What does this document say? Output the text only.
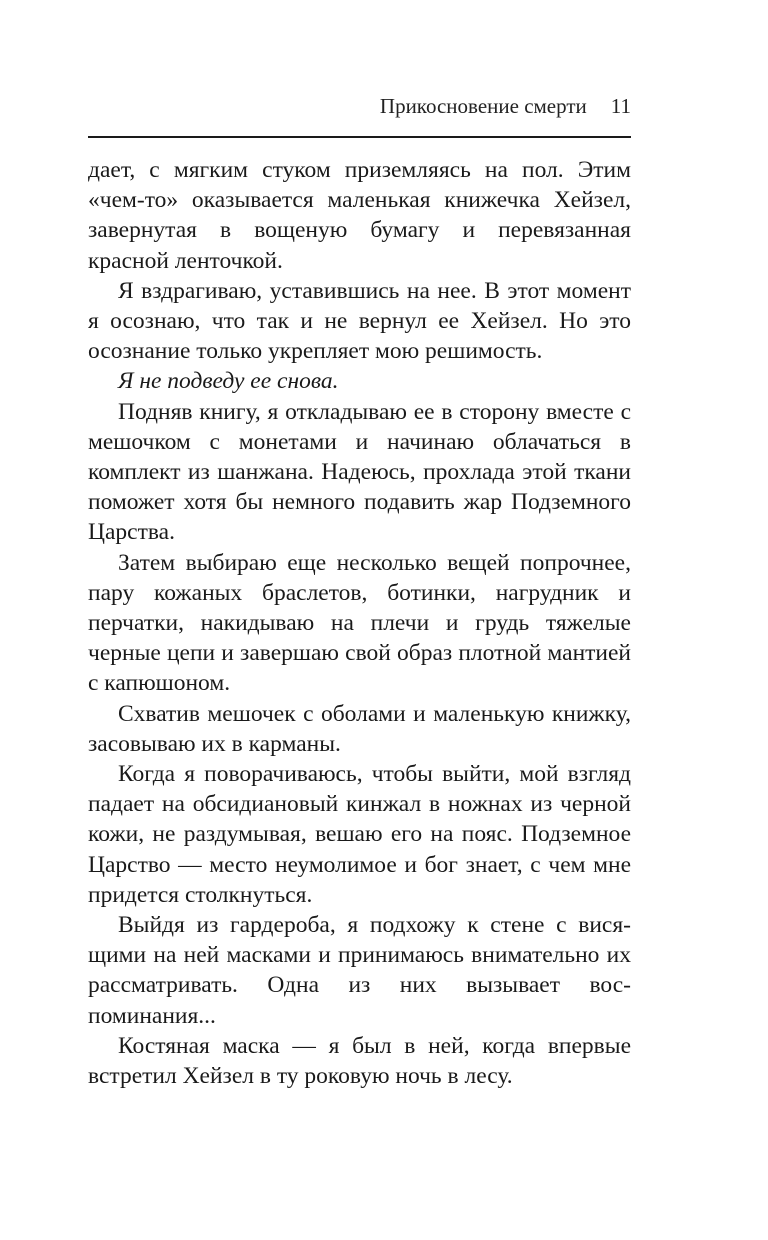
Прикосновение смерти 11

дает, с мягким стуком приземляясь на пол. Этим «чем-то» оказывается маленькая книжечка Хейзел, завернутая в вощеную бумагу и перевязанная красной ленточкой.

Я вздрагиваю, уставившись на нее. В этот момент я осознаю, что так и не вернул ее Хейзел. Но это осознание только укрепляет мою решимость.

Я не подведу ее снова.

Подняв книгу, я откладываю ее в сторону вместе с мешочком с монетами и начинаю облачаться в комплект из шанжана. Надеюсь, прохлада этой ткани поможет хотя бы немного подавить жар Подземного Царства.

Затем выбираю еще несколько вещей попрочнее, пару кожаных браслетов, ботинки, нагрудник и перчатки, накидываю на плечи и грудь тяжелые черные цепи и завершаю свой образ плотной мантией с капюшоном.

Схватив мешочек с оболами и маленькую книжку, засовываю их в карманы.

Когда я поворачиваюсь, чтобы выйти, мой взгляд падает на обсидиановый кинжал в ножнах из черной кожи, не раздумывая, вешаю его на пояс. Подземное Царство — место неумолимое и бог знает, с чем мне придется столкнуться.

Выйдя из гардероба, я подхожу к стене с висящими на ней масками и принимаюсь внимательно их рассматривать. Одна из них вызывает воспоминания...

Костяная маска — я был в ней, когда впервые встретил Хейзел в ту роковую ночь в лесу.
